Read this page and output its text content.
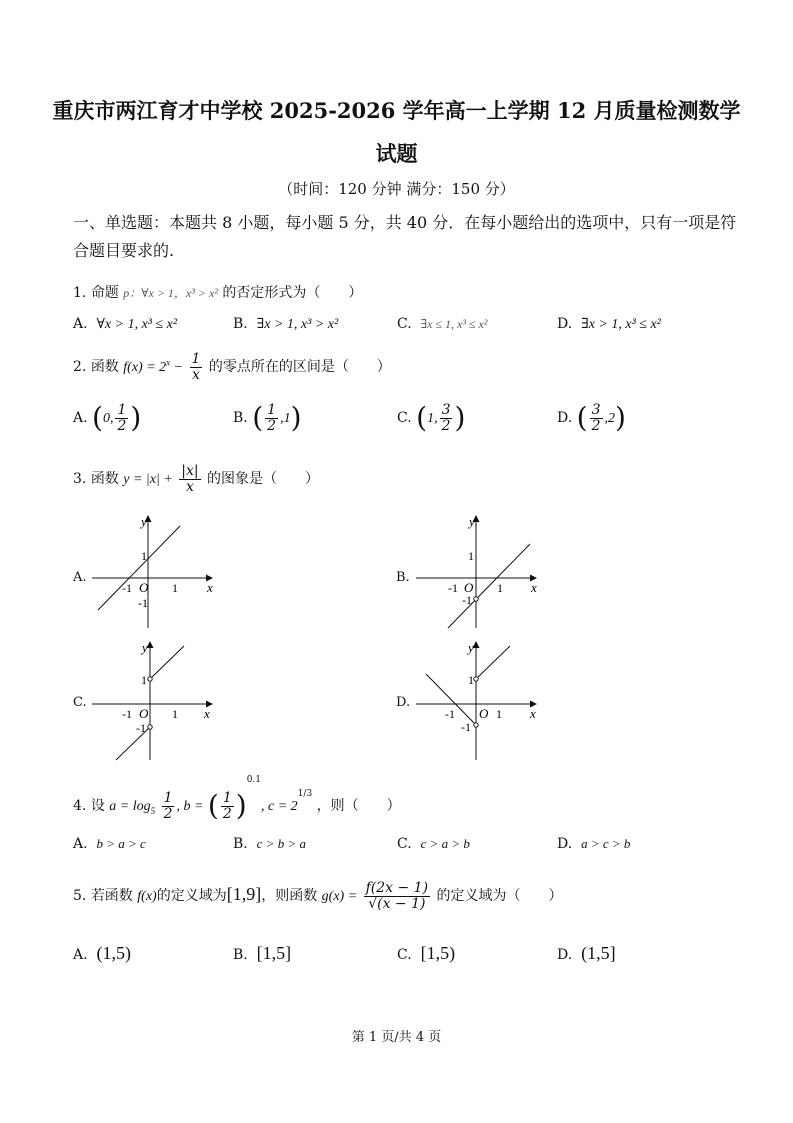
重庆市两江育才中学校 2025-2026 学年高一上学期 12 月质量检测数学
试题
（时间：120 分钟 满分：150 分）
一、单选题：本题共 8 小题，每小题 5 分，共 40 分．在每小题给出的选项中，只有一项是符
合题目要求的.
1. 命题 p：∀x > 1，x³ > x² 的否定形式为（　　）
A. ∀x > 1, x³ ≤ x²	B. ∃x > 1, x³ > x²	C. ∃x ≤ 1, x³ ≤ x²	D. ∃x > 1, x³ ≤ x²
2. 函数 $f(x) = 2^x - \frac{1}{x}$ 的零点所在的区间是（　　）
A. (0, $\frac{1}{2}$ )	B. ( $\frac{1}{2} ,1$)	C. (1, $\frac{3}{2}$ )	D. ( $\frac{3}{2} ,2$)
3. 函数 $y = |x| + \frac{|x|}{x}$ 的图象是（　　）
A.
x
y
O
1
-1	1
-1
B.
x
y
O
1
-1	1
-1
C.
x
y
O
1
-1	1
-1
D.
x
y
O
1
-1	1
-1
4. 设 $a = \log_5 \frac{1}{2}$ , b = ( $\frac{1}{2} )^{0.1}$, $c = 2^{1/3}$ ，则（　　）
A. b > a > c	B. c > b > a	C. c > a > b	D. a > c > b
5. 若函数 f(x)的定义域为[1,9]，则函数 $g(x) = \frac{f(2x - 1)}{√(x - 1)}$ 的定义域为（　　）
A. (1,5)	B. [1,5]	C. [1,5)	D. (1,5]
第 1 页/共 4 页
